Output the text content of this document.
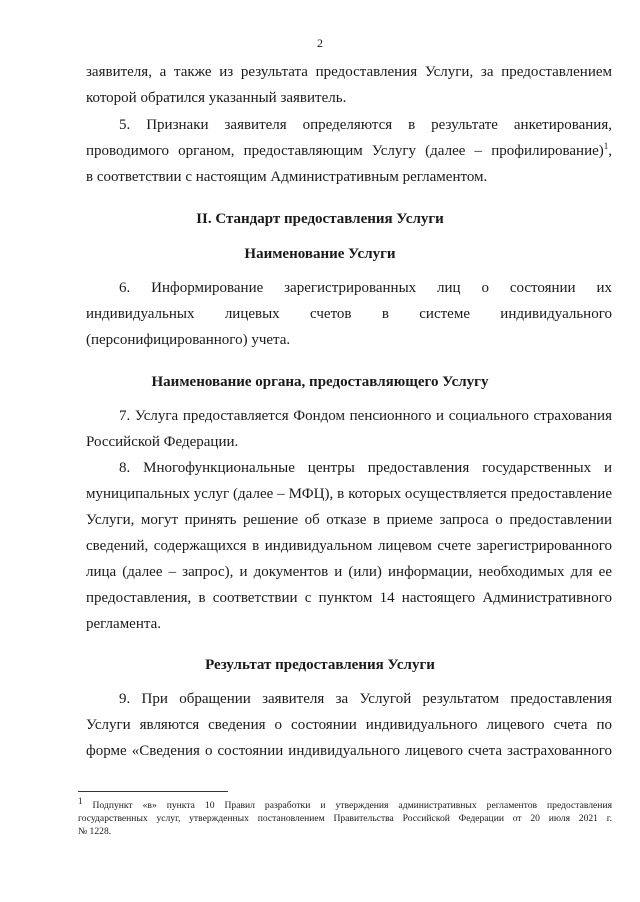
2
заявителя, а также из результата предоставления Услуги, за предоставлением
которой обратился указанный заявитель.
5. Признаки заявителя определяются в результате анкетирования,
проводимого органом, предоставляющим Услугу (далее – профилирование)$^1$,
в соответствии с настоящим Административным регламентом.
II. Стандарт предоставления Услуги
Наименование Услуги
6. Информирование зарегистрированных лиц о состоянии их
индивидуальных лицевых счетов в системе индивидуального
(персонифицированного) учета.
Наименование органа, предоставляющего Услугу
7. Услуга предоставляется Фондом пенсионного и социального страхования
Российской Федерации.
8. Многофункциональные центры предоставления государственных и
муниципальных услуг (далее – МФЦ), в которых осуществляется предоставление
Услуги, могут принять решение об отказе в приеме запроса о предоставлении
сведений, содержащихся в индивидуальном лицевом счете зарегистрированного
лица (далее – запрос), и документов и (или) информации, необходимых для ее
предоставления, в соответствии с пунктом 14 настоящего Административного
регламента.
Результат предоставления Услуги
9. При обращении заявителя за Услугой результатом предоставления
Услуги являются сведения о состоянии индивидуального лицевого счета по
форме «Сведения о состоянии индивидуального лицевого счета застрахованного
$^1$ Подпункт «в» пункта 10 Правил разработки и утверждения административных регламентов предоставления
государственных услуг, утвержденных постановлением Правительства Российской Федерации от 20 июля 2021 г.
№ 1228.
